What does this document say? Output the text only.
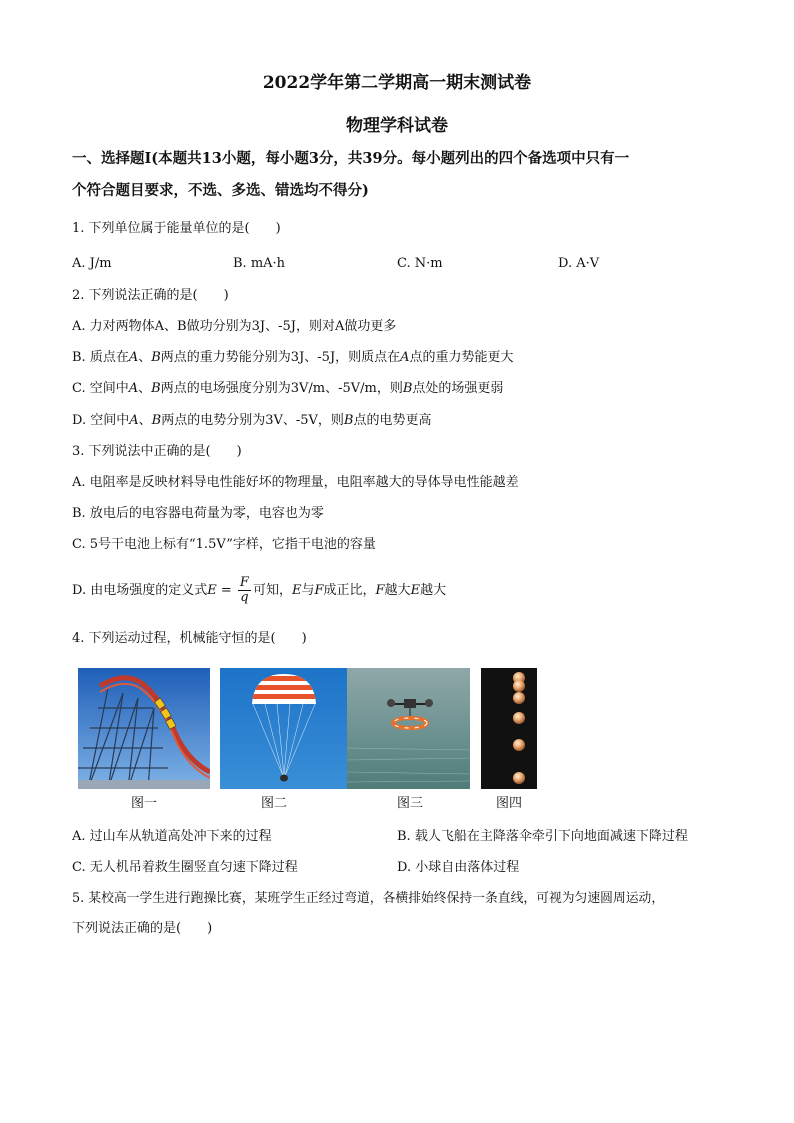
2022学年第二学期高一期末测试卷
物理学科试卷
一、选择题Ⅰ(本题共13小题，每小题3分，共39分。每小题列出的四个备选项中只有一
个符合题目要求，不选、多选、错选均不得分)
1. 下列单位属于能量单位的是(　　)
A. J/m	B. mA·h	C. N·m	D. A·V
2. 下列说法正确的是(　　)
A. 力对两物体A、B做功分别为3J、-5J，则对A做功更多
B. 质点在A、B两点的重力势能分别为3J、-5J，则质点在A点的重力势能更大
C. 空间中A、B两点的电场强度分别为3V/m、-5V/m，则B点处的场强更弱
D. 空间中A、B两点的电势分别为3V、-5V，则B点的电势更高
3. 下列说法中正确的是(　　)
A. 电阻率是反映材料导电性能好坏的物理量，电阻率越大的导体导电性能越差
B. 放电后的电容器电荷量为零，电容也为零
C. 5号干电池上标有“1.5V”字样，它指干电池的容量
D. 由电场强度的定义式$E = \frac{F}{q}$ 可知，E与F成正比，F越大E越大
4. 下列运动过程，机械能守恒的是(　　)
图一	图二	图三	图四
A. 过山车从轨道高处冲下来的过程	B. 载人飞船在主降落伞牵引下向地面减速下降过程
C. 无人机吊着救生圈竖直匀速下降过程	D. 小球自由落体过程
5. 某校高一学生进行跑操比赛，某班学生正经过弯道，各横排始终保持一条直线，可视为匀速圆周运动，
下列说法正确的是(　　)
